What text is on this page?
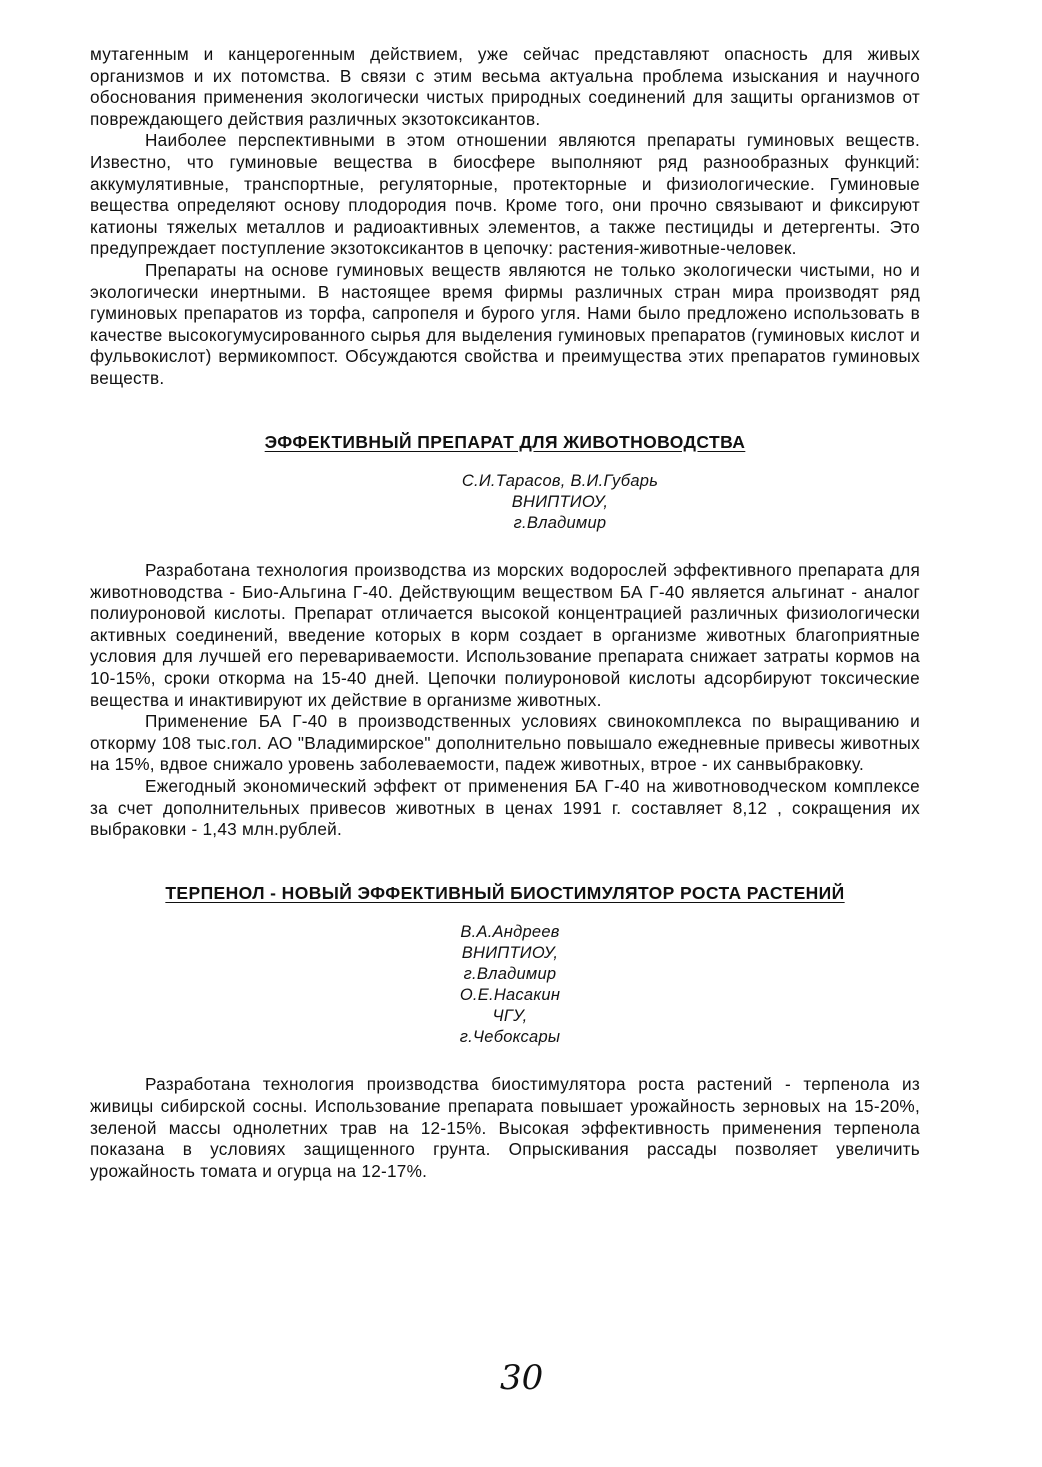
мутагенным и канцерогенным действием, уже сейчас представляют опасность для живых организмов и их потомства. В связи с этим весьма актуальна проблема изыскания и научного обоснования применения экологически чистых природных соединений для защиты организмов от повреждающего действия различных экзотоксикантов.

Наиболее перспективными в этом отношении являются препараты гуминовых веществ. Известно, что гуминовые вещества в биосфере выполняют ряд разнообразных функций: аккумулятивные, транспортные, регуляторные, протекторные и физиологические. Гуминовые вещества определяют основу плодородия почв. Кроме того, они прочно связывают и фиксируют катионы тяжелых металлов и радиоактивных элементов, а также пестициды и детергенты. Это предупреждает поступление экзотоксикантов в цепочку: растения-животные-человек.

Препараты на основе гуминовых веществ являются не только экологически чистыми, но и экологически инертными. В настоящее время фирмы различных стран мира производят ряд гуминовых препаратов из торфа, сапропеля и бурого угля. Нами было предложено использовать в качестве высокогумусированного сырья для выделения гуминовых препаратов (гуминовых кислот и фульвокислот) вермикомпост. Обсуждаются свойства и преимущества этих препаратов гуминовых веществ.

ЭФФЕКТИВНЫЙ ПРЕПАРАТ ДЛЯ ЖИВОТНОВОДСТВА
С.И.Тарасов, В.И.Губарь
ВНИПТИОУ,
г.Владимир

Разработана технология производства из морских водорослей эффективного препарата для животноводства - Био-Альгина Г-40. Действующим веществом БА Г-40 является альгинат - аналог полиуроновой кислоты. Препарат отличается высокой концентрацией различных физиологически активных соединений, введение которых в корм создает в организме животных благоприятные условия для лучшей его перевариваемости. Использование препарата снижает затраты кормов на 10-15%, сроки откорма на 15-40 дней. Цепочки полиуроновой кислоты адсорбируют токсические вещества и инактивируют их действие в организме животных.

Применение БА Г-40 в производственных условиях свинокомплекса по выращиванию и откорму 108 тыс.гол. АО "Владимирское" дополнительно повышало ежедневные привесы животных на 15%, вдвое снижало уровень заболеваемости, падеж животных, втрое - их санвыбраковку.

Ежегодный экономический эффект от применения БА Г-40 на животноводческом комплексе за счет дополнительных привесов животных в ценах 1991 г. составляет 8,12 , сокращения их выбраковки - 1,43 млн.рублей.

ТЕРПЕНОЛ - НОВЫЙ ЭФФЕКТИВНЫЙ БИОСТИМУЛЯТОР РОСТА РАСТЕНИЙ
В.А.Андреев
ВНИПТИОУ,
г.Владимир
О.Е.Насакин
ЧГУ,
г.Чебоксары

Разработана технология производства биостимулятора роста растений - терпенола из живицы сибирской сосны. Использование препарата повышает урожайность зерновых на 15-20%, зеленой массы однолетних трав на 12-15%. Высокая эффективность применения терпенола показана в условиях защищенного грунта. Опрыскивания рассады позволяет увеличить урожайность томата и огурца на 12-17%.

30
